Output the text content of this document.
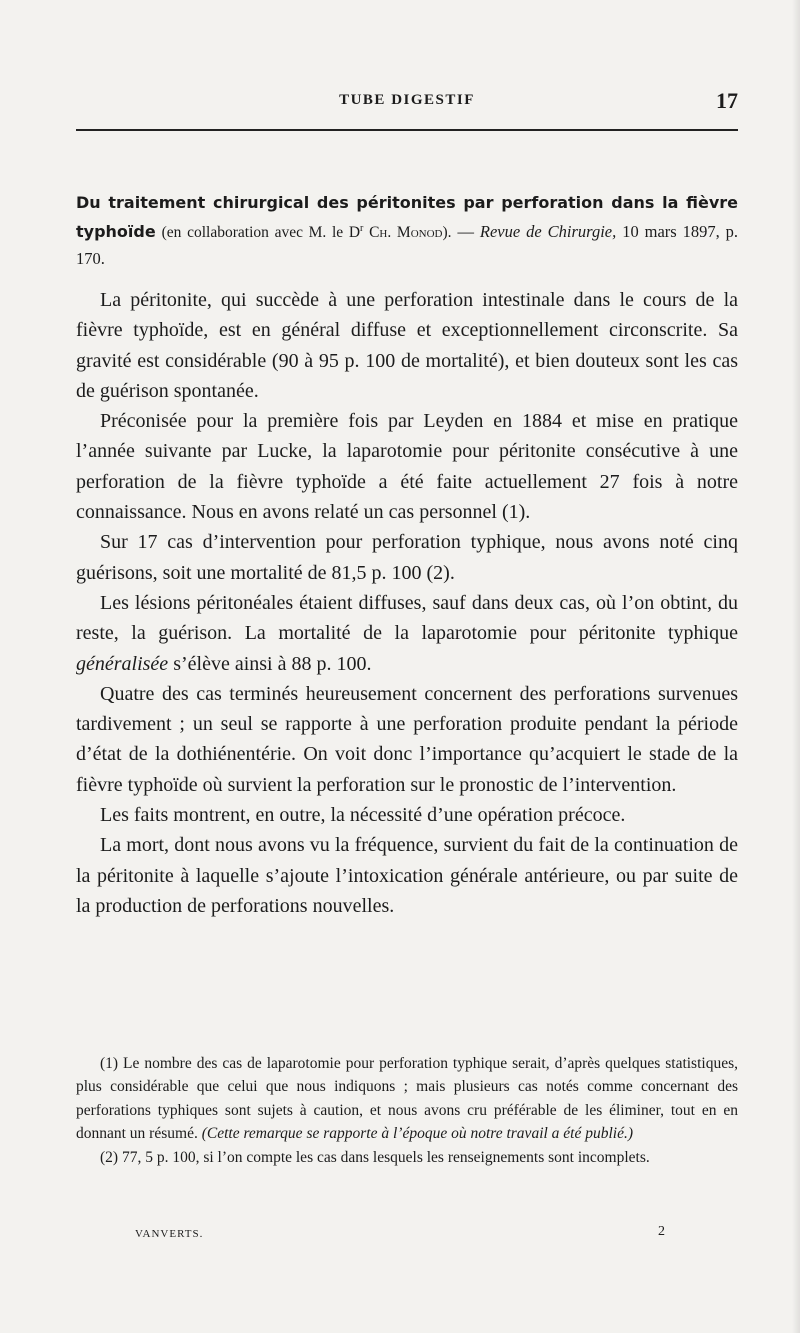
TUBE DIGESTIF	17
Du traitement chirurgical des péritonites par perforation dans la fièvre typhoïde (en collaboration avec M. le $D^r$ Ch. Monod). — Revue de Chirurgie, 10 mars 1897, p. 170.

La péritonite, qui succède à une perforation intestinale dans le cours de la fièvre typhoïde, est en général diffuse et exceptionnellement circonscrite. Sa gravité est considérable (90 à 95 p. 100 de mortalité), et bien douteux sont les cas de guérison spontanée.

Préconisée pour la première fois par Leyden en 1884 et mise en pratique l’année suivante par Lucke, la laparotomie pour péritonite consécutive à une perforation de la fièvre typhoïde a été faite actuellement 27 fois à notre connaissance. Nous en avons relaté un cas personnel (1).

Sur 17 cas d’intervention pour perforation typhique, nous avons noté cinq guérisons, soit une mortalité de 81,5 p. 100 (2).

Les lésions péritonéales étaient diffuses, sauf dans deux cas, où l’on obtint, du reste, la guérison. La mortalité de la laparotomie pour péritonite typhique généralisée s’élève ainsi à 88 p. 100.

Quatre des cas terminés heureusement concernent des perforations survenues tardivement ; un seul se rapporte à une perforation produite pendant la période d’état de la dothiénentérie. On voit donc l’importance qu’acquiert le stade de la fièvre typhoïde où survient la perforation sur le pronostic de l’intervention.

Les faits montrent, en outre, la nécessité d’une opération précoce.

La mort, dont nous avons vu la fréquence, survient du fait de la continuation de la péritonite à laquelle s’ajoute l’intoxication générale antérieure, ou par suite de la production de perforations nouvelles.

(1) Le nombre des cas de laparotomie pour perforation typhique serait, d’après quelques statistiques, plus considérable que celui que nous indiquons ; mais plusieurs cas notés comme concernant des perforations typhiques sont sujets à caution, et nous avons cru préférable de les éliminer, tout en en donnant un résumé. (Cette remarque se rapporte à l’époque où notre travail a été publié.)

(2) 77, 5 p. 100, si l’on compte les cas dans lesquels les renseignements sont incomplets.

VANVERTS.	2
